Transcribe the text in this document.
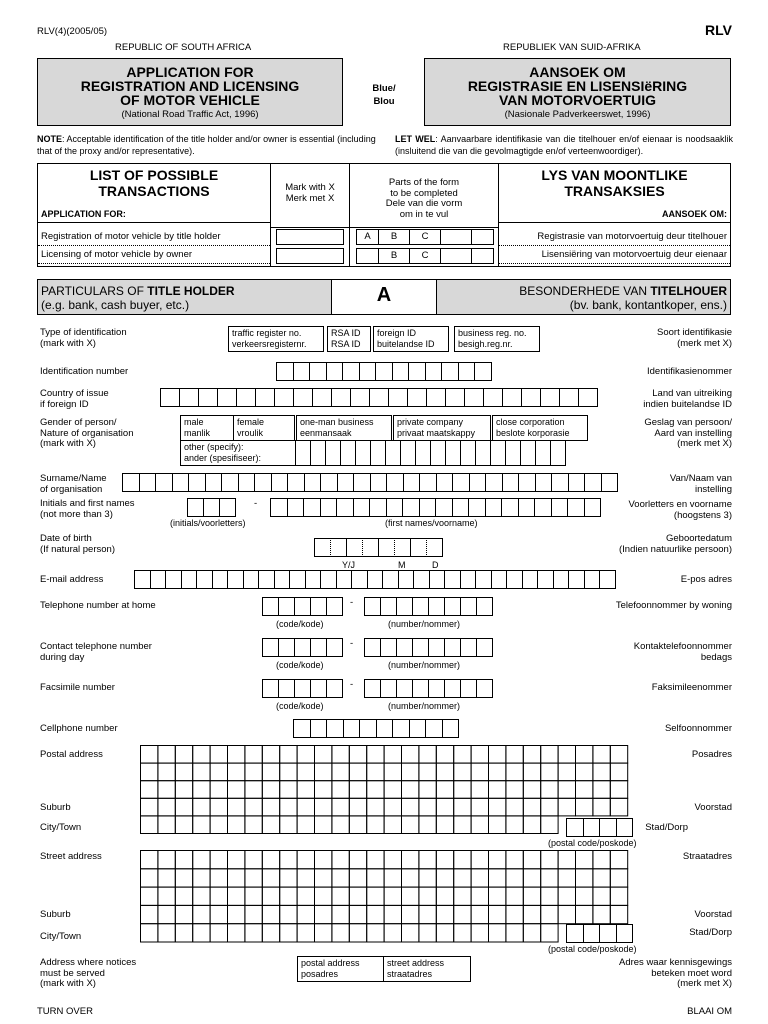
RLV(4)(2005/05)	RLV
REPUBLIC OF SOUTH AFRICA	REPUBLIEK VAN SUID-AFRIKA
APPLICATION FOR
REGISTRATION AND LICENSING
OF MOTOR VEHICLE
(National Road Traffic Act, 1996)
Blue/
Blou
AANSOEK OM
REGISTRASIE EN LISENSIëRING
VAN MOTORVOERTUIG
(Nasionale Padverkeerswet, 1996)
NOTE: Acceptable identification of the title holder and/or owner is essential (including that of the proxy and/or representative).
LET WEL: Aanvaarbare identifikasie van die titelhouer en/of eienaar is noodsaaklik (insluitend die van die gevolmagtigde en/of verteenwoordiger).
LIST OF POSSIBLE TRANSACTIONS	Mark with X
Merk met X
Parts of the form
to be completed
Dele van die vorm
om in te vul
LYS VAN MOONTLIKE TRANSAKSIES
APPLICATION FOR:	AANSOEK OM:
Registration of motor vehicle by title holder	A	B	C	Registrasie van motorvoertuig deur titelhouer
Licensing of motor vehicle by owner	B	C	Lisensiëring van motorvoertuig deur eienaar
PARTICULARS OF TITLE HOLDER
(e.g. bank, cash buyer, etc.)	A	BESONDERHEDE VAN TITELHOUER
(bv. bank, kontantkoper, ens.)
Type of identification
(mark with X)
traffic register no.
verkeersregisternr.
RSA ID
RSA ID
foreign ID
buitelandse ID
business reg. no.
besigh.reg.nr.
Soort identifikasie
(merk met X)
Identification number	Identifikasienommer
Country of issue
if foreign ID
Land van uitreiking
indien buitelandse ID
Gender of person/
Nature of organisation
(mark with X)
male
manlik
female
vroulik
one-man business
eenmansaak
private company
privaat maatskappy
close corporation
beslote korporasie
other (specify):
ander (spesifiseer):
Geslag van persoon/
Aard van instelling
(merk met X)
Surname/Name
of organisation
Van/Naam van
instelling
Initials and first names
(not more than 3)
-
(initials/voorletters)	(first names/voorname)
Voorletters en voorname
(hoogstens 3)
Date of birth
(If natural person)
Y/J	M	D
Geboortedatum
(Indien natuurlike persoon)
E-mail address	E-pos adres
Telephone number at home	-
(code/kode)	(number/nommer)
Telefoonnommer by woning
Contact telephone number
during day
-
(code/kode)	(number/nommer)
Kontaktelefoonnommer
bedags
Facsimile number	-
(code/kode)	(number/nommer)
Faksimileenommer
Cellphone number	Selfoonnommer
Postal address	Posadres
Suburb	Voorstad
City/Town	Stad/Dorp
(postal code/poskode)
Street address	Straatadres
Suburb	Voorstad
City/Town	Stad/Dorp
(postal code/poskode)
Address where notices
must be served
(mark with X)
postal address
posadres
street address
straatadres
Adres waar kennisgewings
beteken moet word
(merk met X)
TURN OVER	BLAAI OM
